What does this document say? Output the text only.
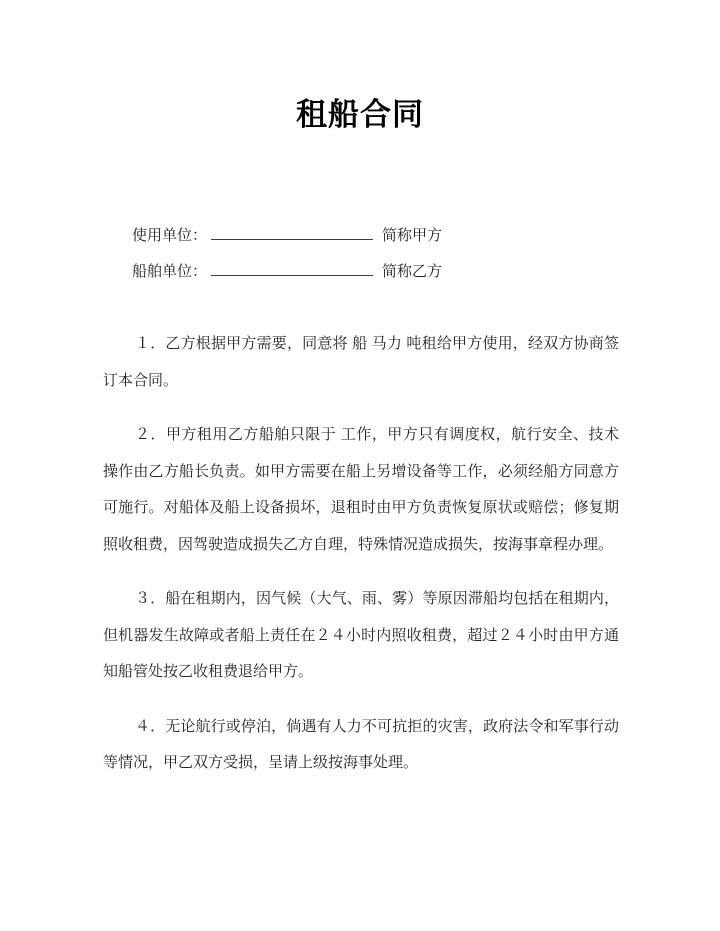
租船合同
使用单位：	简称甲方
船舶单位：	简称乙方

１．乙方根据甲方需要，同意将 船 马力 吨租给甲方使用，经双方协商签订本合同。

２．甲方租用乙方船舶只限于 工作，甲方只有调度权，航行安全、技术操作由乙方船长负责。如甲方需要在船上另增设备等工作，必须经船方同意方可施行。对船体及船上设备损坏，退租时由甲方负责恢复原状或赔偿；修复期照收租费，因驾驶造成损失乙方自理，特殊情况造成损失，按海事章程办理。

３．船在租期内，因气候（大气、雨、雾）等原因滞船均包括在租期内，但机器发生故障或者船上责任在２４小时内照收租费，超过２４小时由甲方通知船管处按乙收租费退给甲方。

４．无论航行或停泊，倘遇有人力不可抗拒的灾害，政府法令和军事行动等情况，甲乙双方受损，呈请上级按海事处理。
